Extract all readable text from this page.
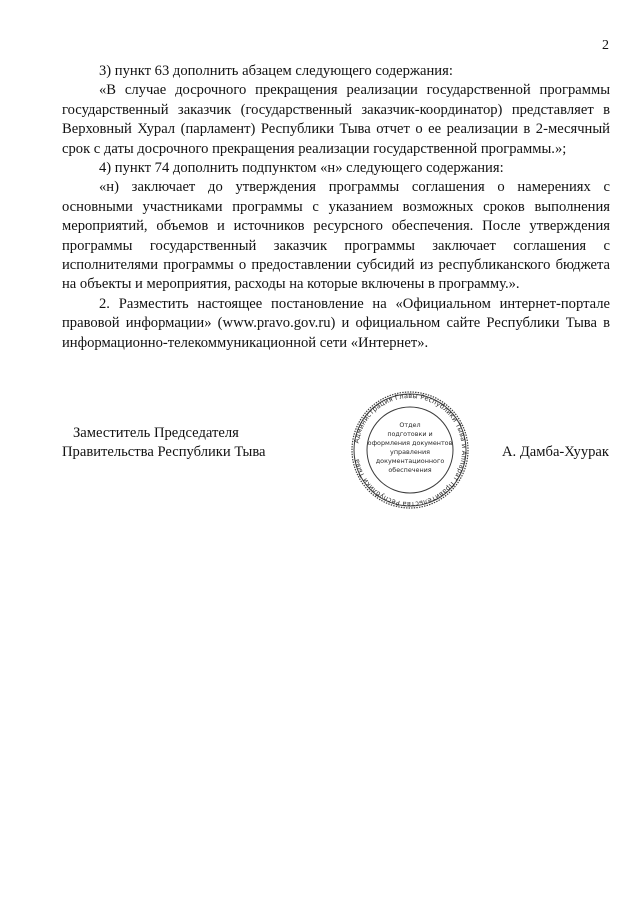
2

3) пункт 63 дополнить абзацем следующего содержания:

«В случае досрочного прекращения реализации государственной программы государственный заказчик (государственный заказчик-координатор) представляет в Верховный Хурал (парламент) Республики Тыва отчет о ее реализации в 2-месячный срок с даты досрочного прекращения реализации государственной программы.»;

4) пункт 74 дополнить подпунктом «н» следующего содержания:

«н) заключает до утверждения программы соглашения о намерениях с основными участниками программы с указанием возможных сроков выполнения мероприятий, объемов и источников ресурсного обеспечения. После утверждения программы государственный заказчик программы заключает соглашения с исполнителями программы о предоставлении субсидий из республиканского бюджета на объекты и мероприятия, расходы на которые включены в программу.».

2. Разместить настоящее постановление на «Официальном интернет-портале правовой информации» (www.pravo.gov.ru) и официальном сайте Республики Тыва в информационно-телекоммуникационной сети «Интернет».

Заместитель Председателя
Правительства Республики Тыва
Администрация Главы Республики Тыва и Аппарат Правительства Республики Тыва
Отдел
подготовки и
оформления документов
управления
документационного
обеспечения
А. Дамба-Хуурак
